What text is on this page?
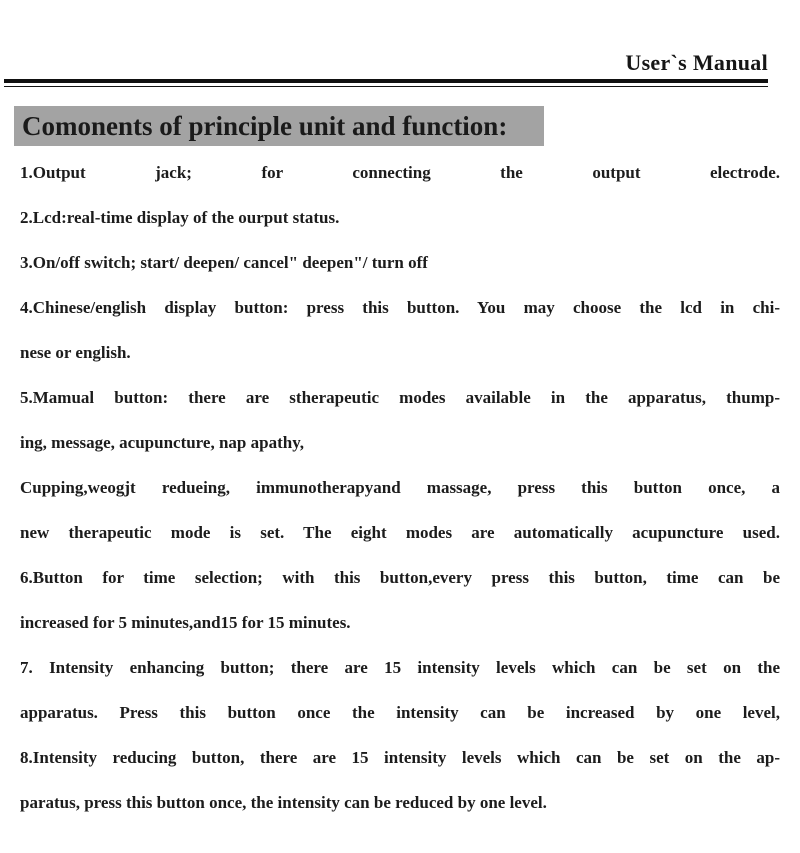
User`s Manual
Comonents of principle unit and function:
1.Output jack; for connecting the output electrode.
2.Lcd:real-time display of the ourput status.
3.On/off switch; start/ deepen/ cancel" deepen"/ turn off
4.Chinese/english display button: press this button. You may choose the lcd in chi-
nese or english.
5.Mamual button: there are stherapeutic modes available in the apparatus, thump-
ing, message, acupuncture, nap apathy,
Cupping,weogjt redueing, immunotherapyand massage, press this button once, a
new therapeutic mode is set. The eight modes are automatically acupuncture used.
6.Button for time selection; with this button,every press this button, time can be
increased for 5 minutes,and15 for 15 minutes.
7. Intensity enhancing button; there are 15 intensity levels which can be set on the
apparatus. Press this button once the intensity can be increased by one level,
8.Intensity reducing button, there are 15 intensity levels which can be set on the ap-
paratus, press this button once, the intensity can be reduced by one level.
